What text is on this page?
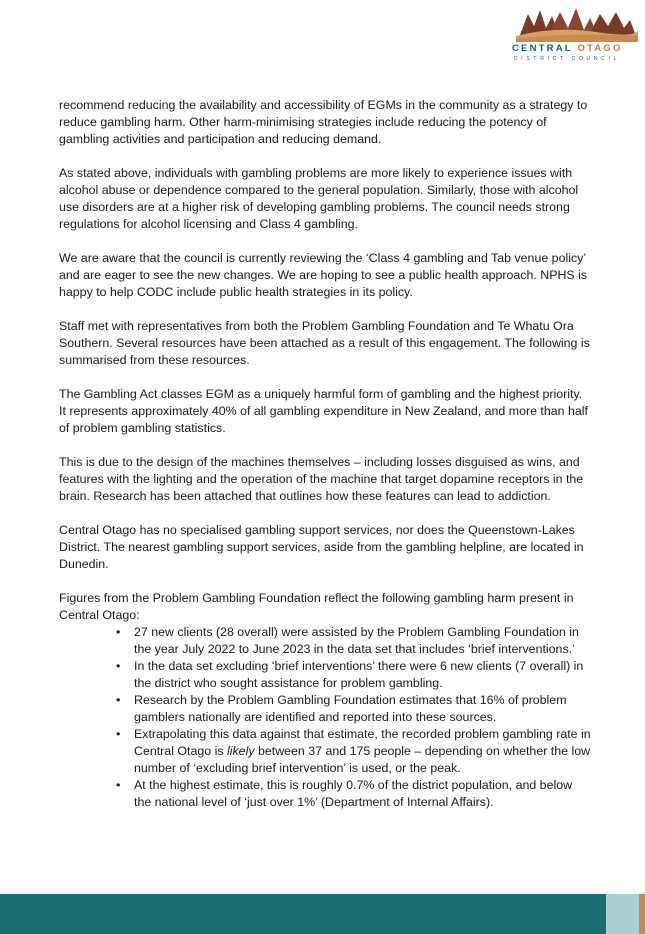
CENTRAL OTAGO
DISTRICT COUNCIL

recommend reducing the availability and accessibility of EGMs in the community as a strategy to reduce gambling harm. Other harm-minimising strategies include reducing the potency of gambling activities and participation and reducing demand.

As stated above, individuals with gambling problems are more likely to experience issues with alcohol abuse or dependence compared to the general population. Similarly, those with alcohol use disorders are at a higher risk of developing gambling problems. The council needs strong regulations for alcohol licensing and Class 4 gambling.

We are aware that the council is currently reviewing the ‘Class 4 gambling and Tab venue policy’ and are eager to see the new changes. We are hoping to see a public health approach. NPHS is happy to help CODC include public health strategies in its policy.

Staff met with representatives from both the Problem Gambling Foundation and Te Whatu Ora Southern. Several resources have been attached as a result of this engagement. The following is summarised from these resources.

The Gambling Act classes EGM as a uniquely harmful form of gambling and the highest priority. It represents approximately 40% of all gambling expenditure in New Zealand, and more than half of problem gambling statistics.

This is due to the design of the machines themselves – including losses disguised as wins, and features with the lighting and the operation of the machine that target dopamine receptors in the brain. Research has been attached that outlines how these features can lead to addiction.

Central Otago has no specialised gambling support services, nor does the Queenstown-Lakes District. The nearest gambling support services, aside from the gambling helpline, are located in Dunedin.

Figures from the Problem Gambling Foundation reflect the following gambling harm present in Central Otago:

• 27 new clients (28 overall) were assisted by the Problem Gambling Foundation in the year July 2022 to June 2023 in the data set that includes ‘brief interventions.’
• In the data set excluding ‘brief interventions’ there were 6 new clients (7 overall) in the district who sought assistance for problem gambling.
• Research by the Problem Gambling Foundation estimates that 16% of problem gamblers nationally are identified and reported into these sources.
• Extrapolating this data against that estimate, the recorded problem gambling rate in Central Otago is likely between 37 and 175 people – depending on whether the low number of ‘excluding brief intervention’ is used, or the peak.
• At the highest estimate, this is roughly 0.7% of the district population, and below the national level of ‘just over 1%’ (Department of Internal Affairs).
